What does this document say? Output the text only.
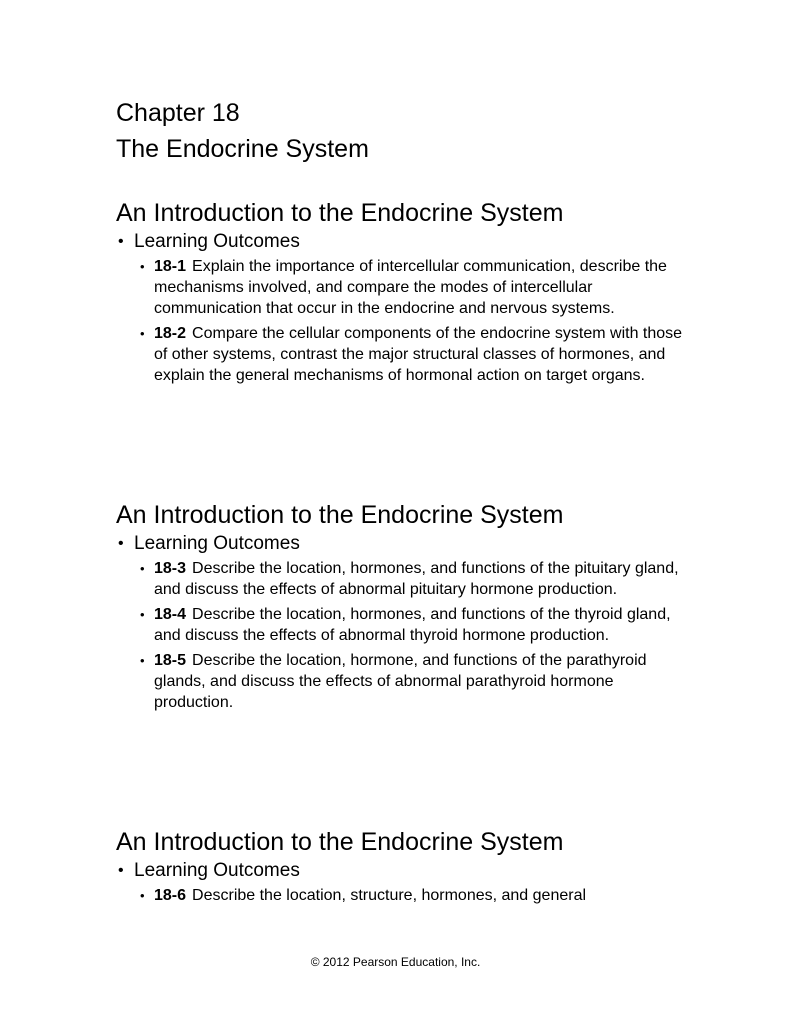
Chapter 18
The Endocrine System
An Introduction to the Endocrine System
• Learning Outcomes
• 18-1 Explain the importance of intercellular communication, describe the mechanisms involved, and compare the modes of intercellular communication that occur in the endocrine and nervous systems.
• 18-2 Compare the cellular components of the endocrine system with those of other systems, contrast the major structural classes of hormones, and explain the general mechanisms of hormonal action on target organs.
An Introduction to the Endocrine System
• Learning Outcomes
• 18-3 Describe the location, hormones, and functions of the pituitary gland, and discuss the effects of abnormal pituitary hormone production.
• 18-4 Describe the location, hormones, and functions of the thyroid gland, and discuss the effects of abnormal thyroid hormone production.
• 18-5 Describe the location, hormone, and functions of the parathyroid glands, and discuss the effects of abnormal parathyroid hormone production.
An Introduction to the Endocrine System
• Learning Outcomes
• 18-6 Describe the location, structure, hormones, and general
© 2012 Pearson Education, Inc.
